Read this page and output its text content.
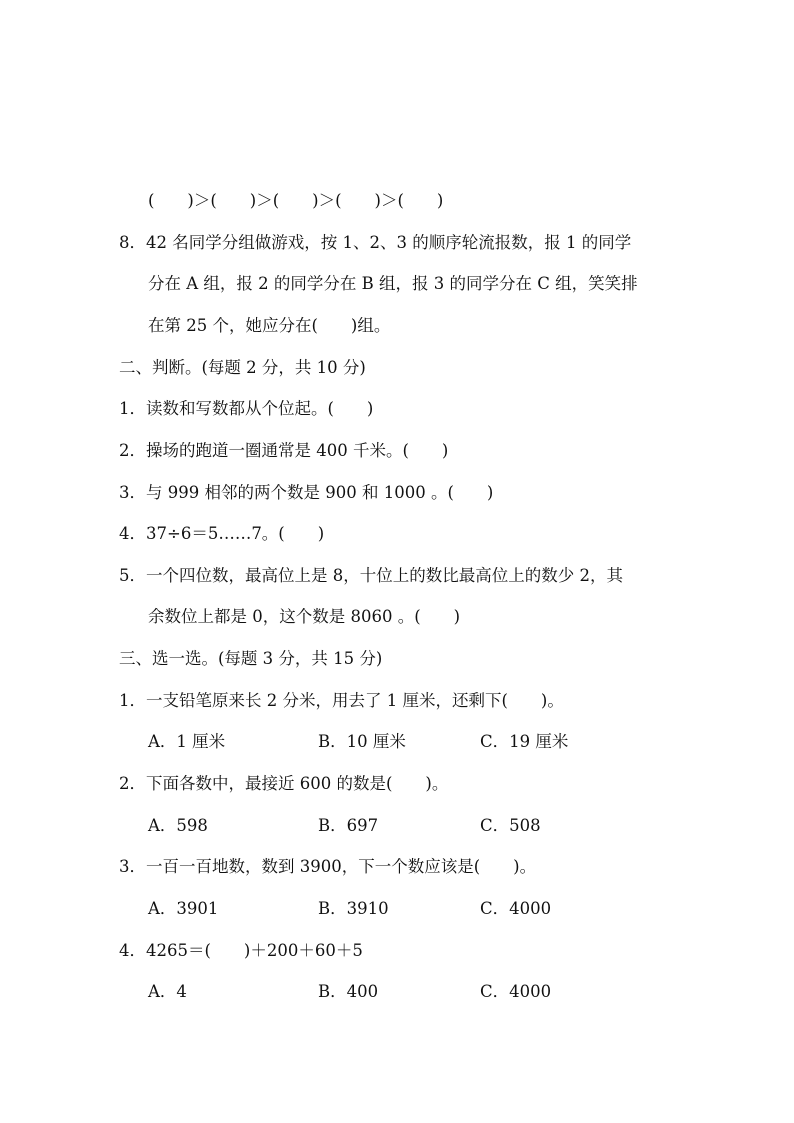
(　　)＞(　　)＞(　　)＞(　　)＞(　　)
8．42 名同学分组做游戏，按 1、2、3 的顺序轮流报数，报 1 的同学
分在 A 组，报 2 的同学分在 B 组，报 3 的同学分在 C 组，笑笑排
在第 25 个，她应分在(　　)组。
二、判断。(每题 2 分，共 10 分)
1．读数和写数都从个位起。(　　)
2．操场的跑道一圈通常是 400 千米。(　　)
3．与 999 相邻的两个数是 900 和 1000 。(　　)
4．37÷6＝5……7。(　　)
5．一个四位数，最高位上是 8，十位上的数比最高位上的数少 2，其
余数位上都是 0，这个数是 8060 。(　　)
三、选一选。(每题 3 分，共 15 分)
1．一支铅笔原来长 2 分米，用去了 1 厘米，还剩下(　　)。
A．1 厘米	B．10 厘米	C．19 厘米
2．下面各数中，最接近 600 的数是(　　)。
A．598	B．697	C．508
3．一百一百地数，数到 3900，下一个数应该是(　　)。
A．3901	B．3910	C．4000
4．4265＝(　　)＋200＋60＋5
A．4	B．400	C．4000
